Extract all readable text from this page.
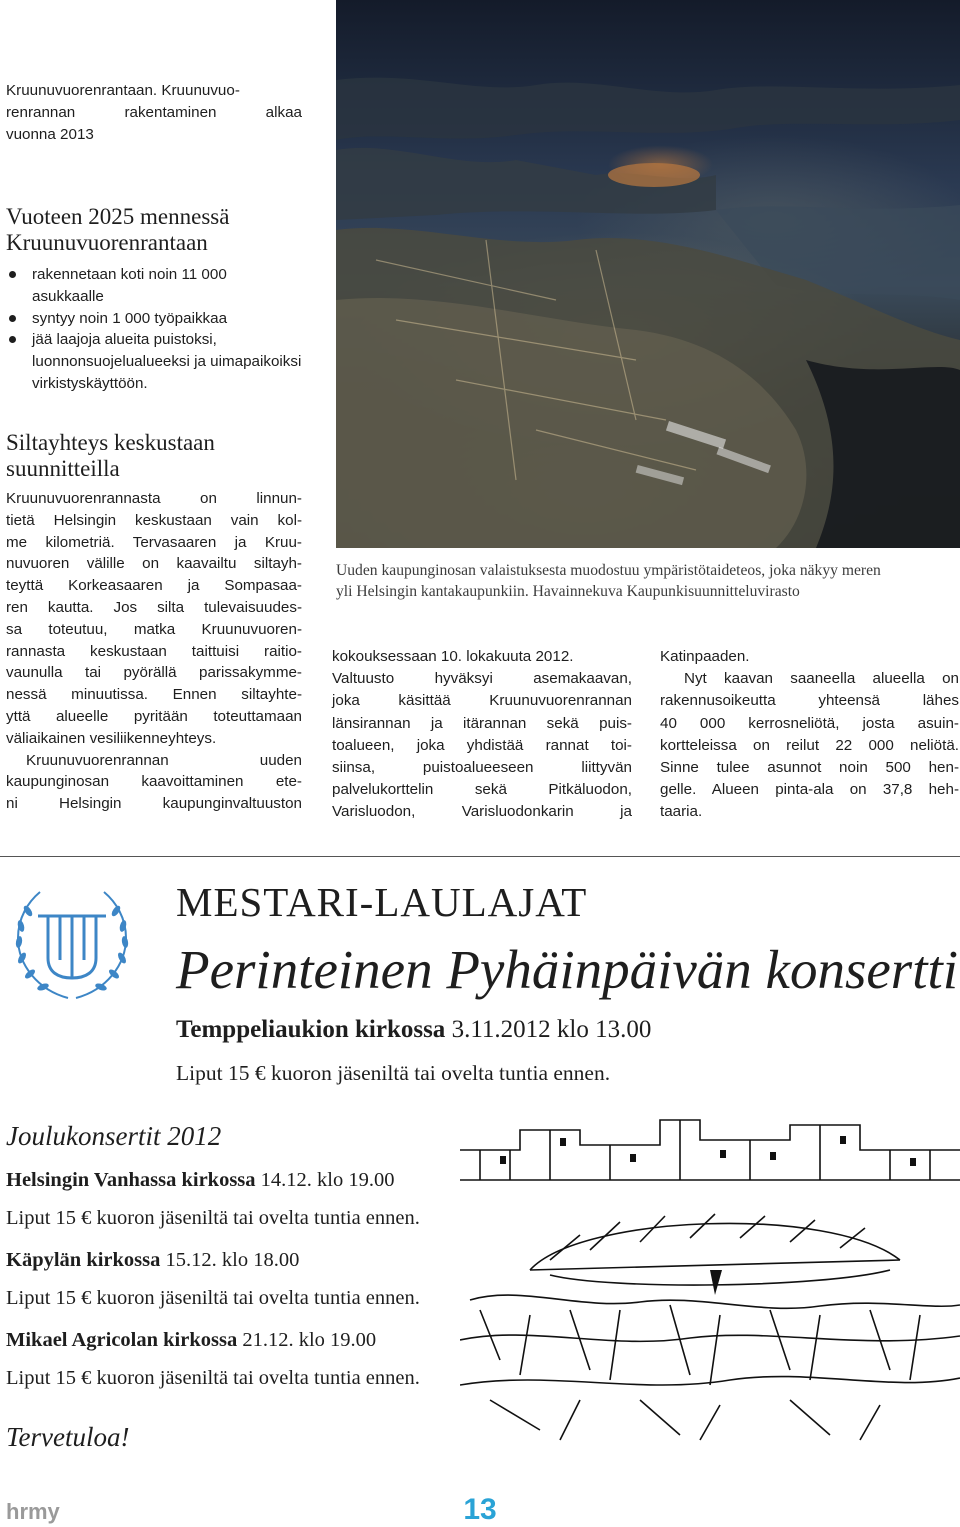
Kruunuvuorenrantaan. Kruunuvuo-

renrannan rakentaminen alkaa

vuonna 2013

Vuoteen 2025 mennessä

Kruunuvuorenrantaan

rakennetaan koti noin 11 000 asukkaalle
syntyy noin 1 000 työpaikkaa
jää laajoja alueita puistoksi, luonnonsuojelualueeksi ja uimapaikoiksi virkistyskäyttöön.

Siltayhteys keskustaan

suunnitteilla

Kruunuvuorenrannasta on linnun-

tietä Helsingin keskustaan vain kol-

me kilometriä. Tervasaaren ja Kruu-

nuvuoren välille on kaavailtu siltayh-

teyttä Korkeasaaren ja Sompasaa-

ren kautta. Jos silta tulevaisuudes-

sa toteutuu, matka Kruunuvuoren-

rannasta keskustaan taittuisi raitio-

vaunulla tai pyörällä parissakymme-

nessä minuutissa. Ennen siltayhte-

yttä alueelle pyritään toteuttamaan

väliaikainen vesiliikenneyhteys.

Kruunuvuorenrannan uuden

kaupunginosan kaavoittaminen ete-

ni Helsingin kaupunginvaltuuston

Uuden kaupunginosan valaistuksesta muodostuu ympäristötaideteos, joka näkyy meren
yli Helsingin kantakaupunkiin. Havainnekuva Kaupunkisuunnitteluvirasto
kokouksessaan 10. lokakuuta 2012.
Valtuusto hyväksyi asemakaavan,
joka käsittää Kruunuvuorenrannan
länsirannan ja itärannan sekä puis-
toalueen, joka yhdistää rannat toi-
siinsa, puistoalueeseen liittyvän
palvelukorttelin sekä Pitkäluodon,
Varisluodon, Varisluodonkarin ja
Katinpaaden.
Nyt kaavan saaneella alueella on
rakennusoikeutta yhteensä lähes
40 000 kerrosneliötä, josta asuin-
kortteleissa on reilut 22 000 neliötä.
Sinne tulee asunnot noin 500 hen-
gelle. Alueen pinta-ala on 37,8 heh-
taaria.
MESTARI-LAULAJAT
Perinteinen Pyhäinpäivän konsertti
Temppeliaukion kirkossa 3.11.2012 klo 13.00
Liput 15 € kuoron jäseniltä tai ovelta tuntia ennen.
Joulukonsertit 2012
Helsingin Vanhassa kirkossa 14.12. klo 19.00
Liput 15 € kuoron jäseniltä tai ovelta tuntia ennen.
Käpylän kirkossa 15.12. klo 18.00
Liput 15 € kuoron jäseniltä tai ovelta tuntia ennen.
Mikael Agricolan kirkossa 21.12. klo 19.00
Liput 15 € kuoron jäseniltä tai ovelta tuntia ennen.
Tervetuloa!
hrmy	13
